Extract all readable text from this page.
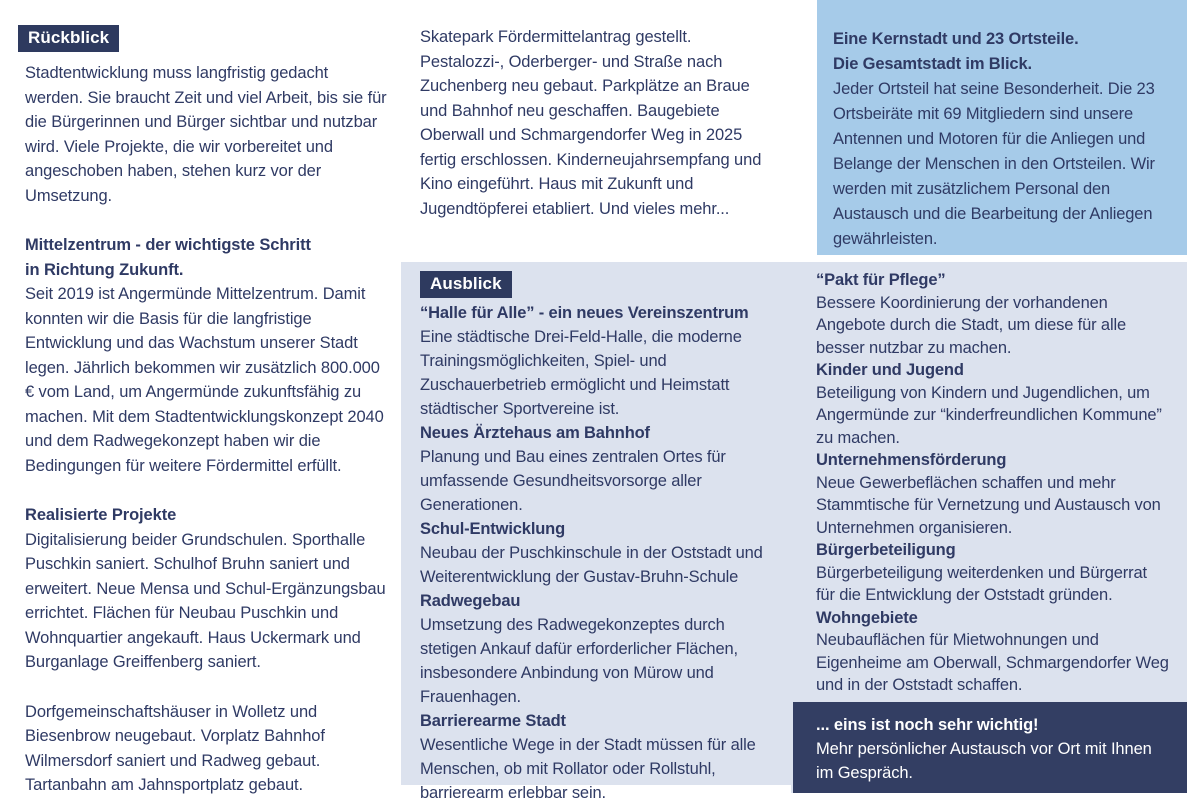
Rückblick

Stadtentwicklung muss langfristig gedacht werden. Sie braucht Zeit und viel Arbeit, bis sie für die Bürgerinnen und Bürger sichtbar und nutzbar wird. Viele Projekte, die wir vorbereitet und angeschoben haben, stehen kurz vor der Umsetzung.

Mittelzentrum - der wichtigste Schritt
in Richtung Zukunft.

Seit 2019 ist Angermünde Mittelzentrum. Damit konnten wir die Basis für die langfristige Entwicklung und das Wachstum unserer Stadt legen. Jährlich bekommen wir zusätzlich 800.000 € vom Land, um Angermünde zukunftsfähig zu machen. Mit dem Stadtentwicklungskonzept 2040 und dem Radwegekonzept haben wir die Bedingungen für weitere Fördermittel erfüllt.

Realisierte Projekte

Digitalisierung beider Grundschulen. Sporthalle Puschkin saniert. Schulhof Bruhn saniert und erweitert. Neue Mensa und Schul-Ergänzungsbau errichtet. Flächen für Neubau Puschkin und Wohnquartier angekauft. Haus Uckermark und Burganlage Greiffenberg saniert.

Dorfgemeinschaftshäuser in Wolletz und Biesenbrow neugebaut. Vorplatz Bahnhof Wilmersdorf saniert und Radweg gebaut. Tartanbahn am Jahnsportplatz gebaut.

Skatepark Fördermittelantrag gestellt. Pestalozzi-, Oderberger- und Straße nach Zuchenberg neu gebaut. Parkplätze an Braue und Bahnhof neu geschaffen. Baugebiete Oberwall und Schmargendorfer Weg in 2025 fertig erschlossen. Kinderneujahrsempfang und Kino eingeführt. Haus mit Zukunft und Jugendtöpferei etabliert. Und vieles mehr...

Ausblick
“Halle für Alle” - ein neues Vereinszentrum

Eine städtische Drei-Feld-Halle, die moderne Trainingsmöglichkeiten, Spiel- und Zuschauerbetrieb ermöglicht und Heimstatt städtischer Sportvereine ist.

Neues Ärztehaus am Bahnhof

Planung und Bau eines zentralen Ortes für umfassende Gesundheitsvorsorge aller Generationen.

Schul-Entwicklung

Neubau der Puschkinschule in der Oststadt und Weiterentwicklung der Gustav-Bruhn-Schule

Radwegebau

Umsetzung des Radwegekonzeptes durch stetigen Ankauf dafür erforderlicher Flächen, insbesondere Anbindung von Mürow und Frauenhagen.

Barrierearme Stadt

Wesentliche Wege in der Stadt müssen für alle Menschen, ob mit Rollator oder Rollstuhl, barrierearm erlebbar sein.

Eine Kernstadt und 23 Ortsteile.
Die Gesamtstadt im Blick.

Jeder Ortsteil hat seine Besonderheit. Die 23 Ortsbeiräte mit 69 Mitgliedern sind unsere Antennen und Motoren für die Anliegen und Belange der Menschen in den Ortsteilen. Wir werden mit zusätzlichem Personal den Austausch und die Bearbeitung der Anliegen gewährleisten.

“Pakt für Pflege”

Bessere Koordinierung der vorhandenen Angebote durch die Stadt, um diese für alle besser nutzbar zu machen.

Kinder und Jugend

Beteiligung von Kindern und Jugendlichen, um Angermünde zur “kinderfreundlichen Kommune” zu machen.

Unternehmensförderung

Neue Gewerbeflächen schaffen und mehr Stammtische für Vernetzung und Austausch von Unternehmen organisieren.

Bürgerbeteiligung

Bürgerbeteiligung weiterdenken und Bürgerrat für die Entwicklung der Oststadt gründen.

Wohngebiete

Neubauflächen für Mietwohnungen und Eigenheime am Oberwall, Schmargendorfer Weg und in der Oststadt schaffen.

... eins ist noch sehr wichtig!

Mehr persönlicher Austausch vor Ort mit Ihnen im Gespräch.
